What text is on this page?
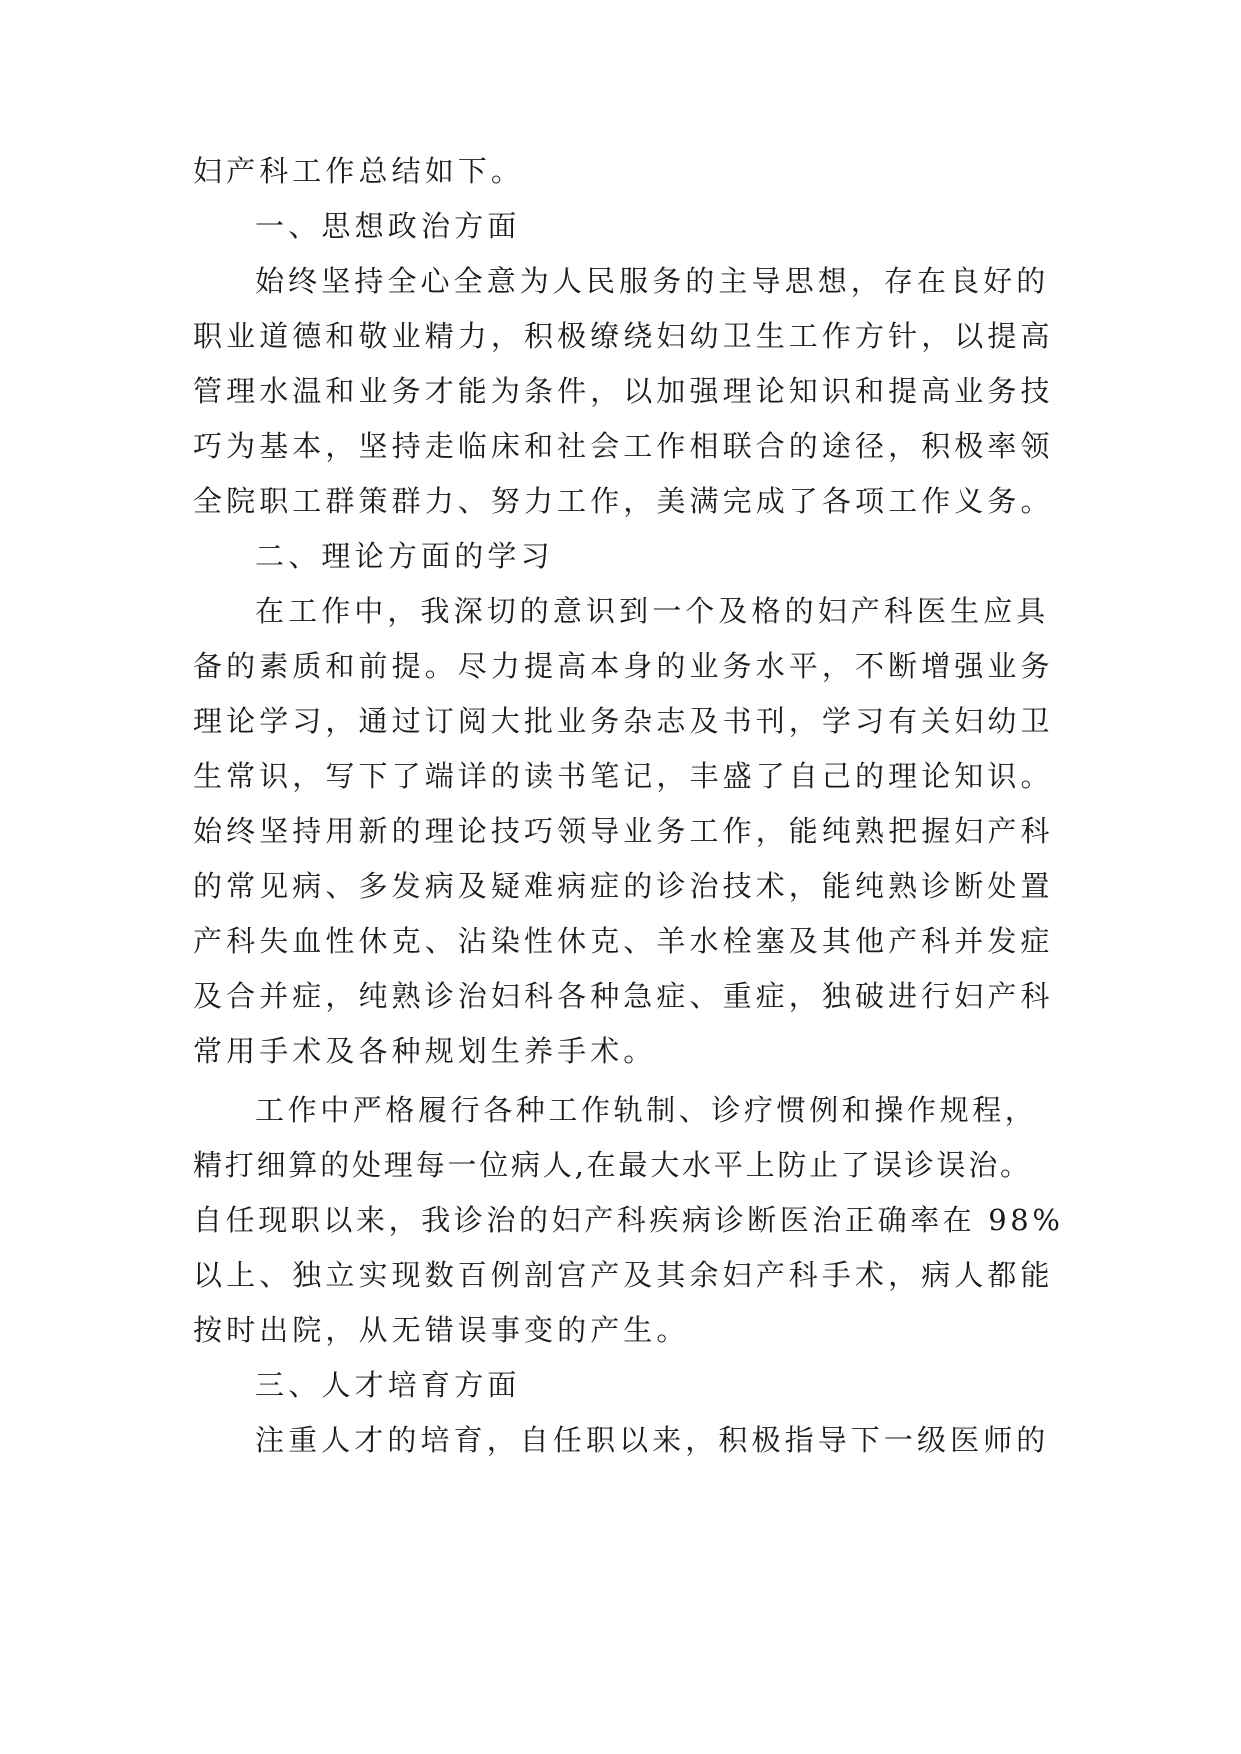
妇产科工作总结如下。

一、思想政治方面

始终坚持全心全意为人民服务的主导思想，存在良好的

职业道德和敬业精力，积极缭绕妇幼卫生工作方针，以提高

管理水温和业务才能为条件，以加强理论知识和提高业务技

巧为基本，坚持走临床和社会工作相联合的途径，积极率领

全院职工群策群力、努力工作，美满完成了各项工作义务。

二、理论方面的学习

在工作中，我深切的意识到一个及格的妇产科医生应具

备的素质和前提。尽力提高本身的业务水平，不断增强业务

理论学习，通过订阅大批业务杂志及书刊，学习有关妇幼卫

生常识，写下了端详的读书笔记，丰盛了自己的理论知识。

始终坚持用新的理论技巧领导业务工作，能纯熟把握妇产科

的常见病、多发病及疑难病症的诊治技术，能纯熟诊断处置

产科失血性休克、沾染性休克、羊水栓塞及其他产科并发症

及合并症，纯熟诊治妇科各种急症、重症，独破进行妇产科

常用手术及各种规划生养手术。

工作中严格履行各种工作轨制、诊疗惯例和操作规程，

精打细算的处理每一位病人,在最大水平上防止了误诊误治。

自任现职以来，我诊治的妇产科疾病诊断医治正确率在 98%

以上、独立实现数百例剖宫产及其余妇产科手术，病人都能

按时出院，从无错误事变的产生。

三、人才培育方面

注重人才的培育，自任职以来，积极指导下一级医师的
